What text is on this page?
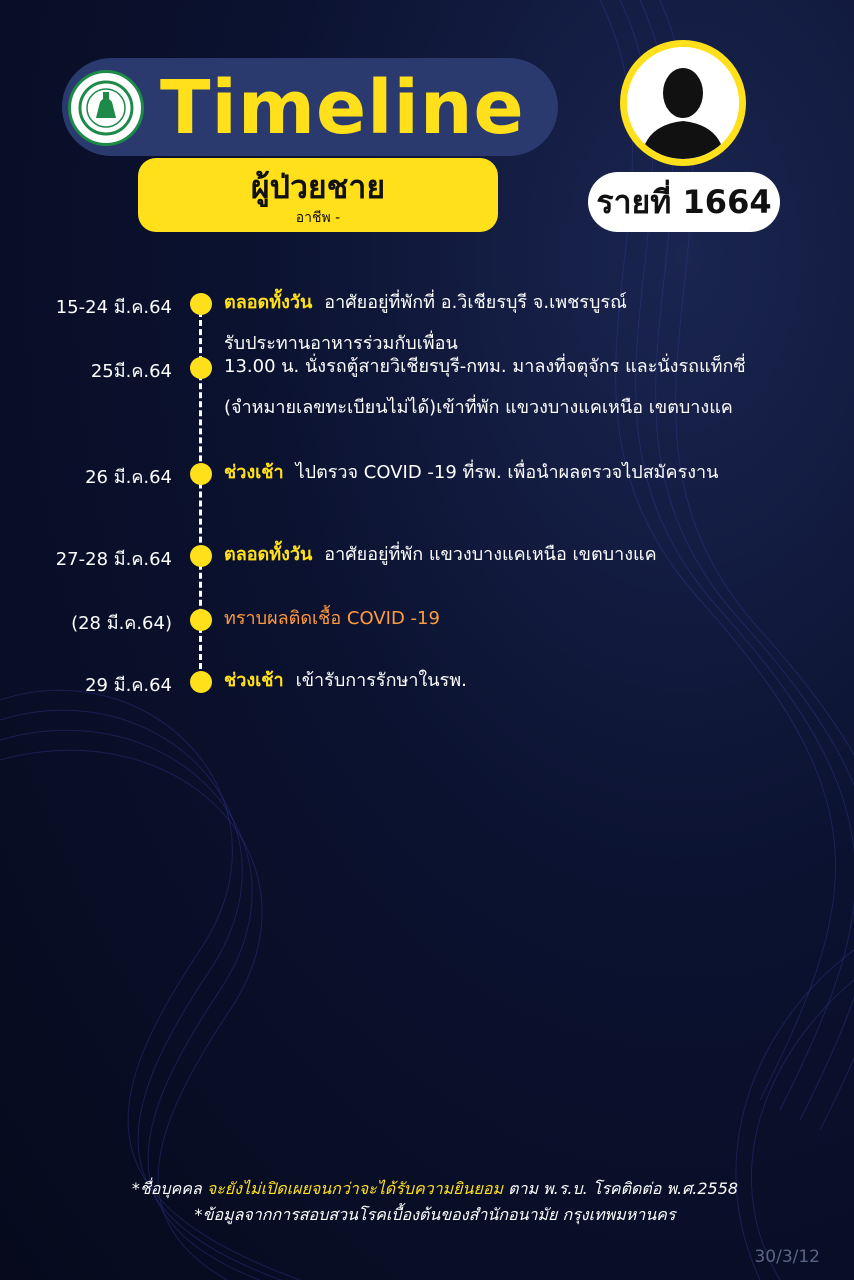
Timeline
ผู้ป่วยชาย
อาชีพ -	รายที่ 1664
15-24 มี.ค.64	ตลอดทั้งวัน อาศัยอยู่ที่พักที่ อ.วิเชียรบุรี จ.เพชรบูรณ์
รับประทานอาหารร่วมกับเพื่อน
25มี.ค.64	13.00 น. นั่งรถตู้สายวิเชียรบุรี-กทม. มาลงที่จตุจักร และนั่งรถแท็กซี่
(จำหมายเลขทะเบียนไม่ได้)เข้าที่พัก แขวงบางแคเหนือ เขตบางแค
26 มี.ค.64	ช่วงเช้า ไปตรวจ COVID -19 ที่รพ. เพื่อนำผลตรวจไปสมัครงาน
27-28 มี.ค.64	ตลอดทั้งวัน อาศัยอยู่ที่พัก แขวงบางแคเหนือ เขตบางแค
(28 มี.ค.64)	ทราบผลติดเชื้อ COVID -19
29 มี.ค.64	ช่วงเช้า เข้ารับการรักษาในรพ.
*ชื่อบุคคล จะยังไม่เปิดเผยจนกว่าจะได้รับความยินยอม ตาม พ.ร.บ. โรคติดต่อ พ.ศ.2558
*ข้อมูลจากการสอบสวนโรคเบื้องต้นของสำนักอนามัย กรุงเทพมหานคร
30/3/12
